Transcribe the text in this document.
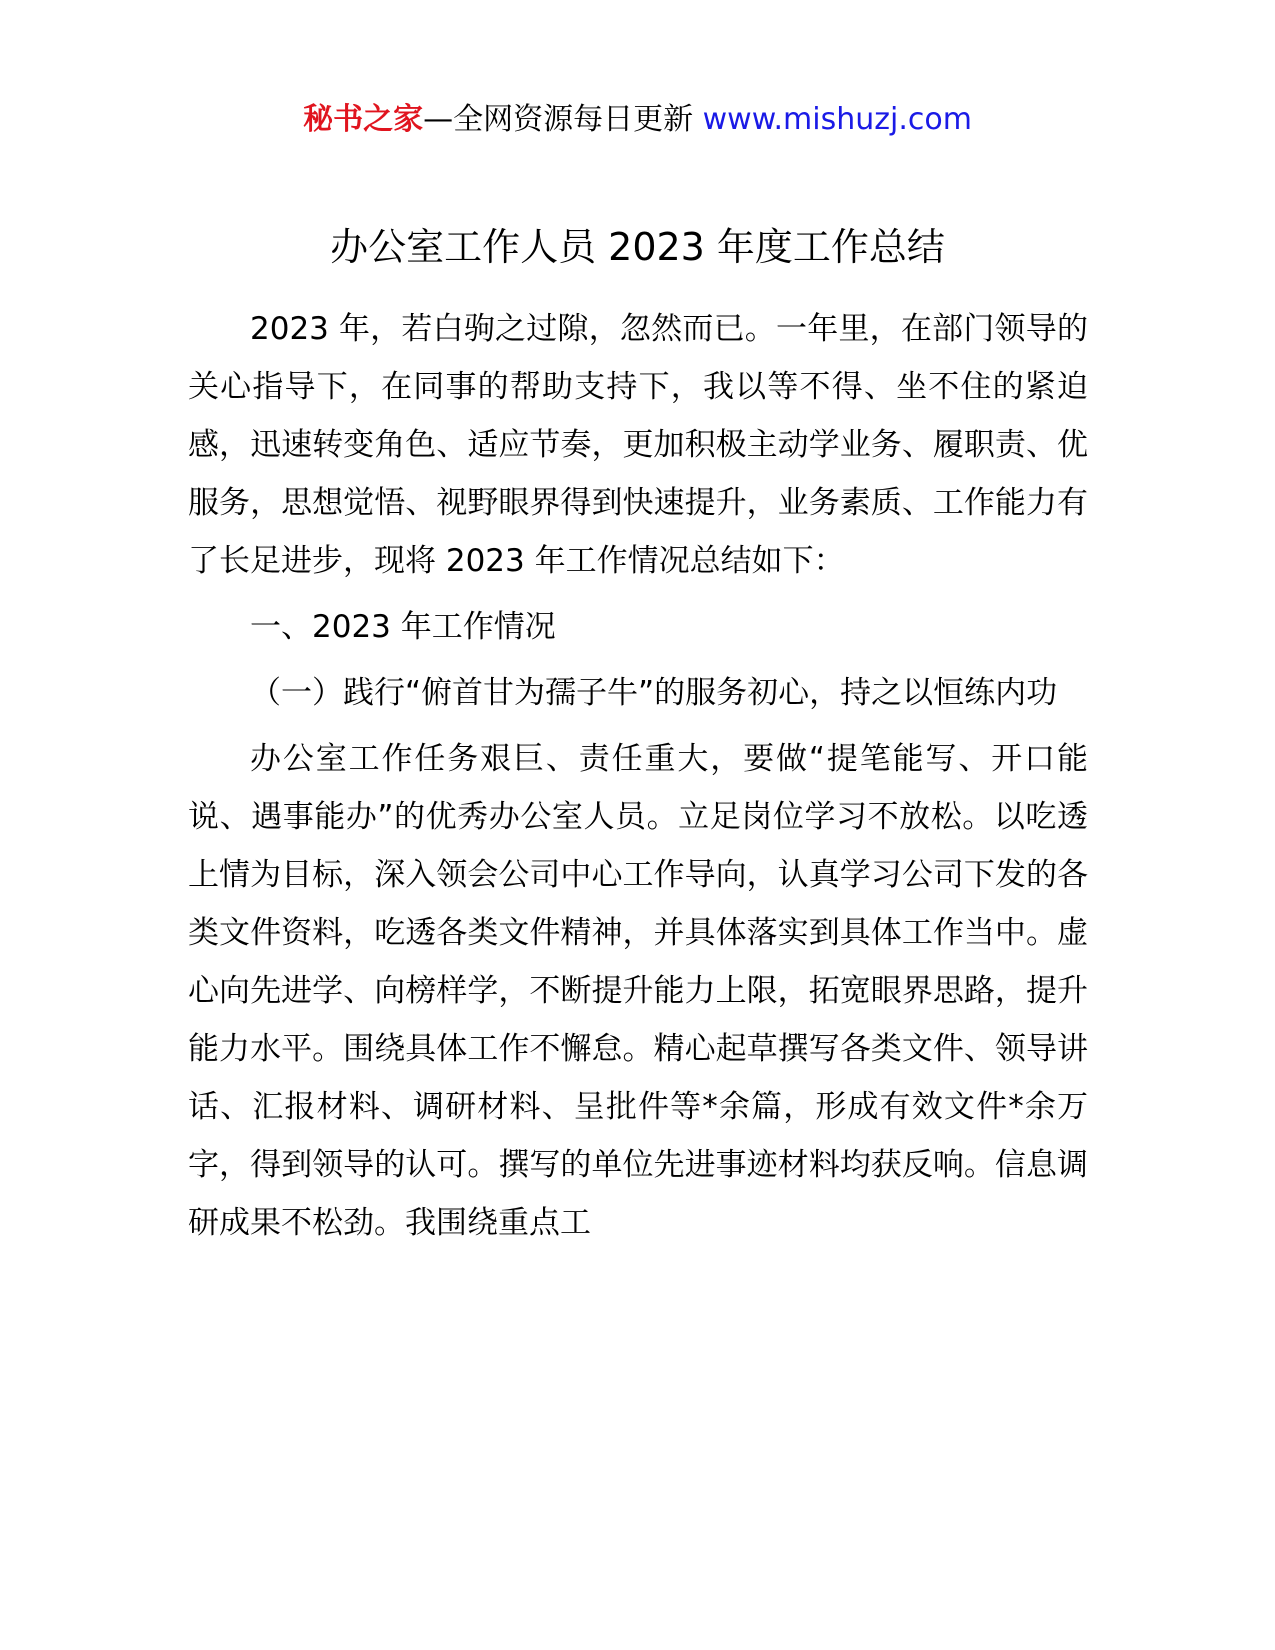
秘书之家—全网资源每日更新 www.mishuzj.com
办公室工作人员 2023 年度工作总结

2023 年，若白驹之过隙，忽然而已。一年里，在部门领导的关心指导下，在同事的帮助支持下，我以等不得、坐不住的紧迫感，迅速转变角色、适应节奏，更加积极主动学业务、履职责、优服务，思想觉悟、视野眼界得到快速提升，业务素质、工作能力有了长足进步，现将 2023 年工作情况总结如下：

一、2023 年工作情况

（一）践行“俯首甘为孺子牛”的服务初心，持之以恒练内功

办公室工作任务艰巨、责任重大，要做“提笔能写、开口能说、遇事能办”的优秀办公室人员。立足岗位学习不放松。以吃透上情为目标，深入领会公司中心工作导向，认真学习公司下发的各类文件资料，吃透各类文件精神，并具体落实到具体工作当中。虚心向先进学、向榜样学，不断提升能力上限，拓宽眼界思路，提升能力水平。围绕具体工作不懈怠。精心起草撰写各类文件、领导讲话、汇报材料、调研材料、呈批件等*余篇，形成有效文件*余万字，得到领导的认可。撰写的单位先进事迹材料均获反响。信息调研成果不松劲。我围绕重点工
